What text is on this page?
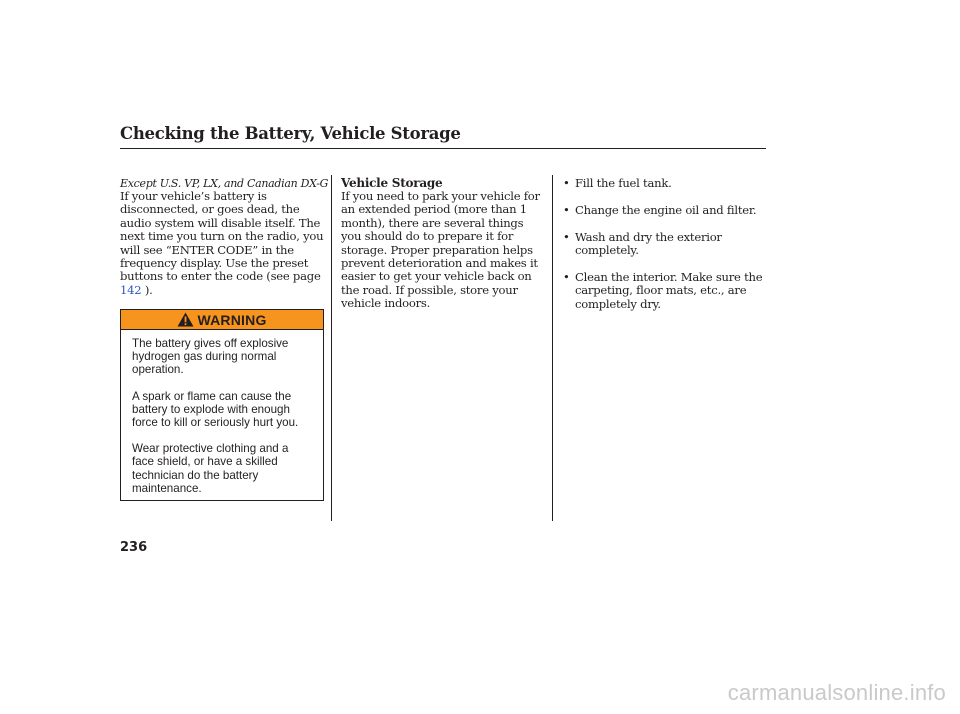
Checking the Battery, Vehicle Storage
Except U.S. VP, LX, and Canadian DX-G

If your vehicle’s battery is disconnected, or goes dead, the audio system will disable itself. The next time you turn on the radio, you will see “ENTER CODE” in the frequency display. Use the preset buttons to enter the code (see page 142 ).

WARNING

The battery gives off explosive hydrogen gas during normal operation.

A spark or flame can cause the battery to explode with enough force to kill or seriously hurt you.

Wear protective clothing and a face shield, or have a skilled technician do the battery maintenance.

Vehicle Storage

If you need to park your vehicle for an extended period (more than 1 month), there are several things you should do to prepare it for storage. Proper preparation helps prevent deterioration and makes it easier to get your vehicle back on the road. If possible, store your vehicle indoors.

• Fill the fuel tank.
• Change the engine oil and filter.
• Wash and dry the exterior completely.
• Clean the interior. Make sure the carpeting, floor mats, etc., are completely dry.
236
carmanualsonline.info
